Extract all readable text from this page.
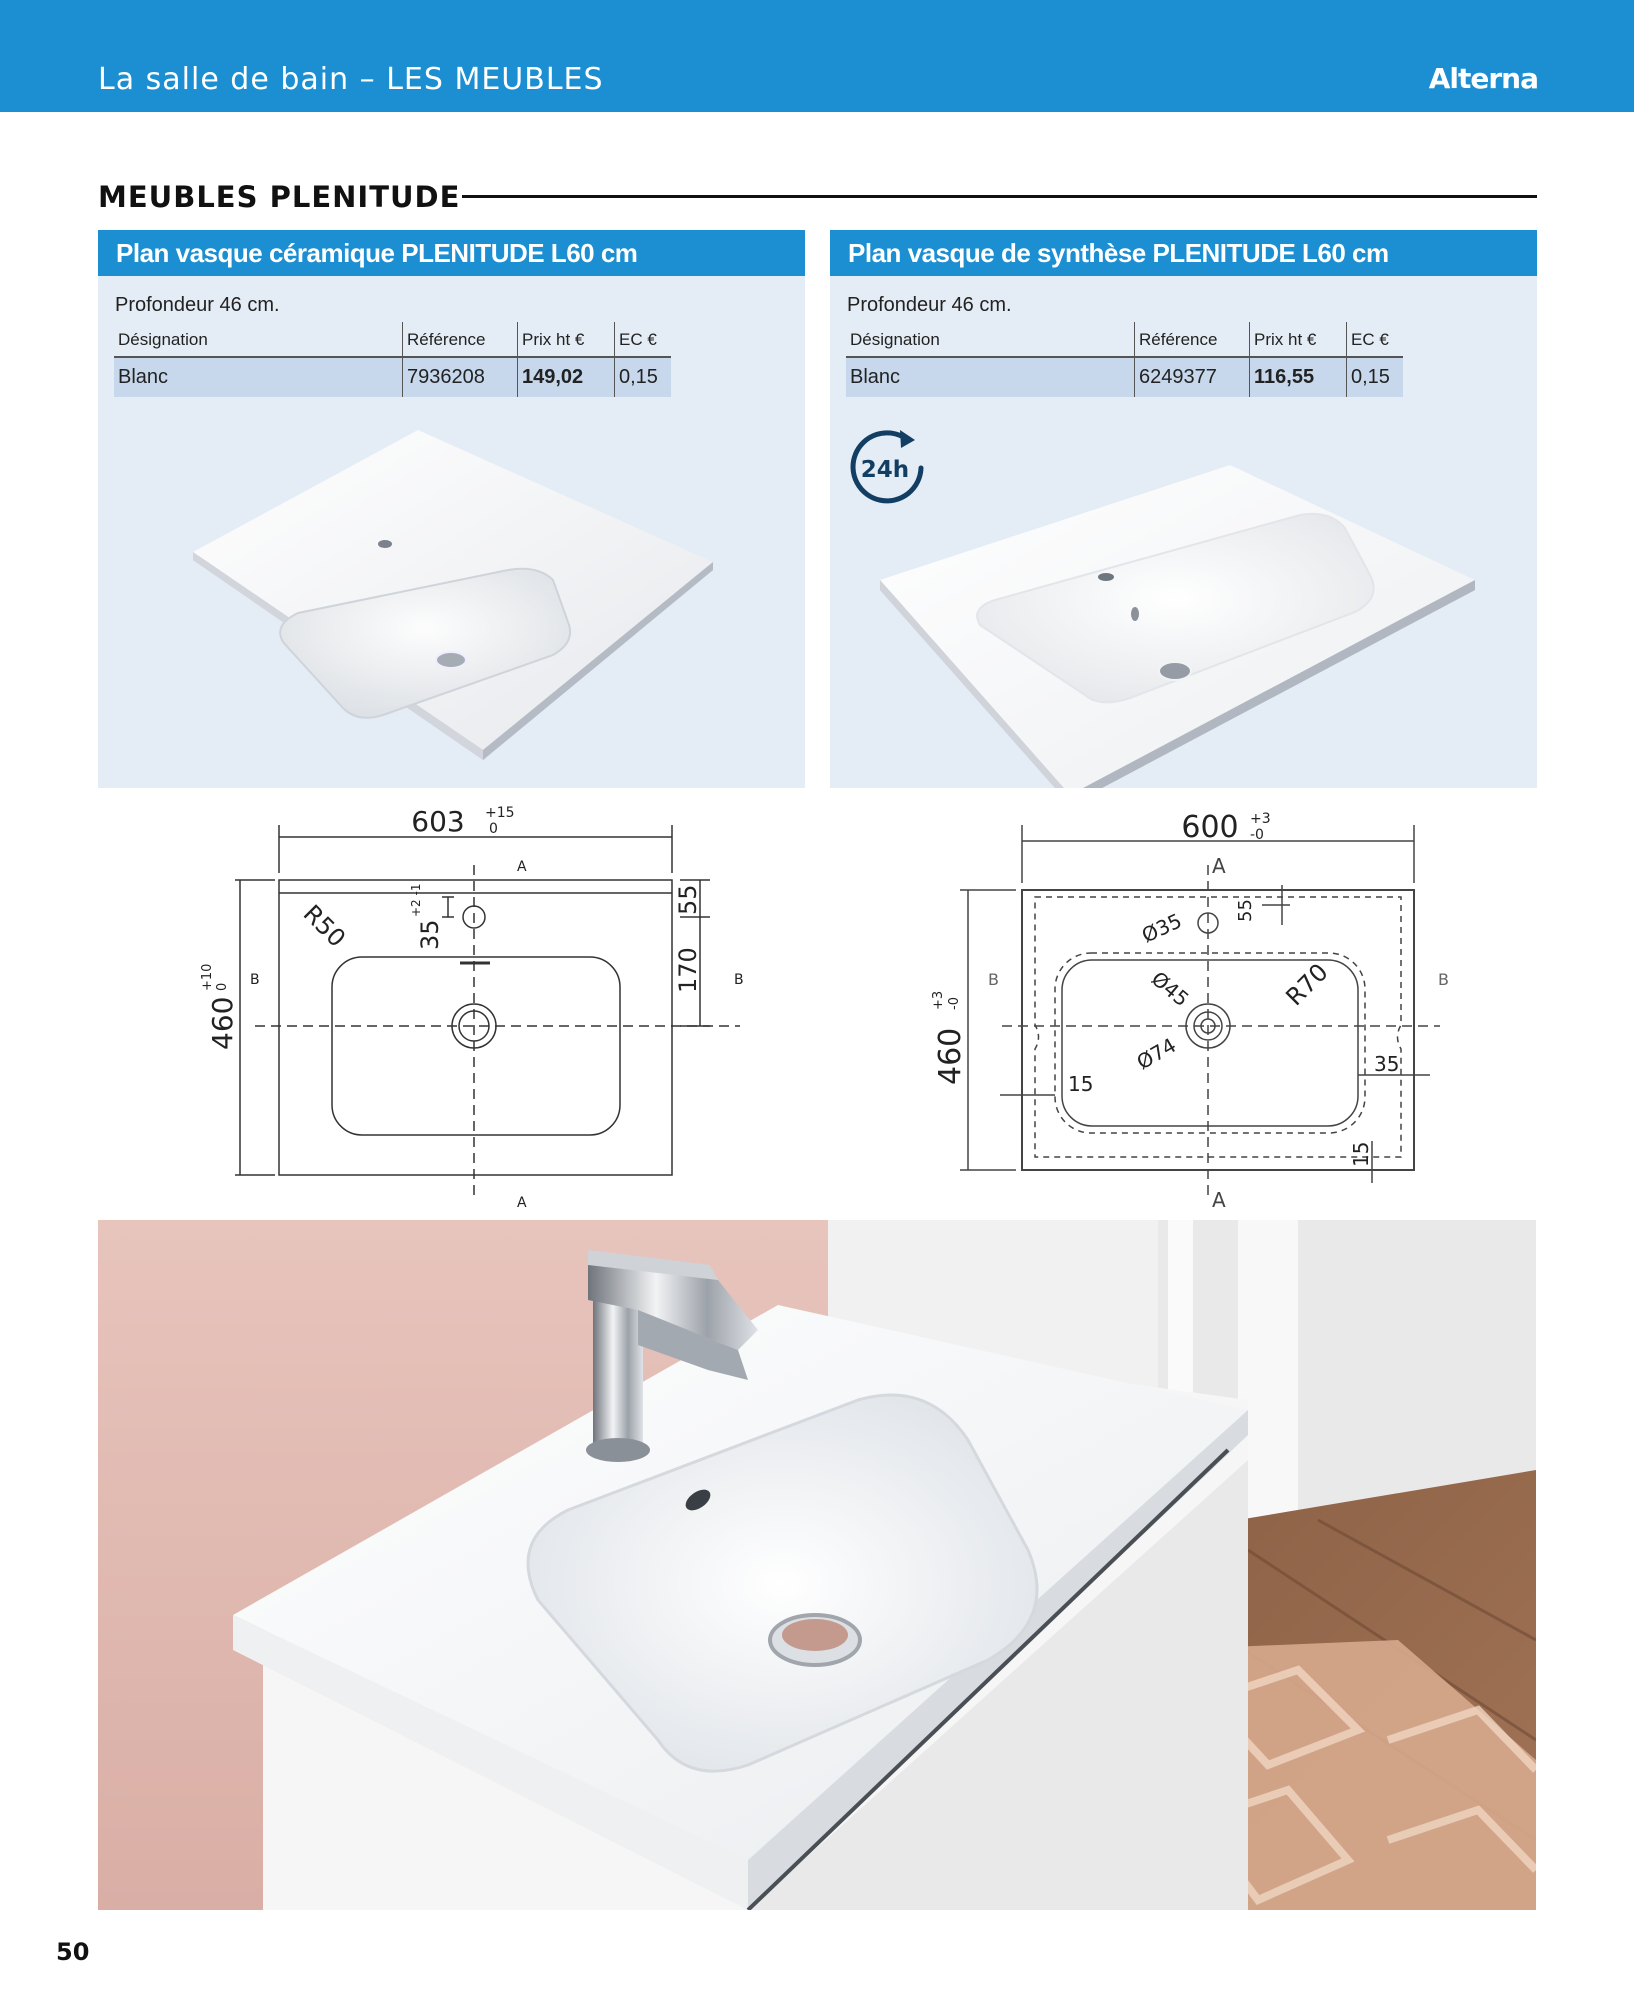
La salle de bain – LES MEUBLES	Alterna
MEUBLES PLENITUDE
Plan vasque céramique PLENITUDE L60 cm
Profondeur 46 cm.
Désignation	Référence	Prix ht €	EC €
Blanc	7936208	149,02	0,15
Plan vasque de synthèse PLENITUDE L60 cm
Profondeur 46 cm.
Désignation	Référence	Prix ht €	EC €
Blanc	6249377	116,55	0,15
24h
603 +15
0
460
+10 0
R50	35
+2 -1	55
170
A
A
B	B
600 +3
-0
460
+3 -0
Ø35
Ø45
Ø74
R70
55
15
35
15
A
A
B	B
50
